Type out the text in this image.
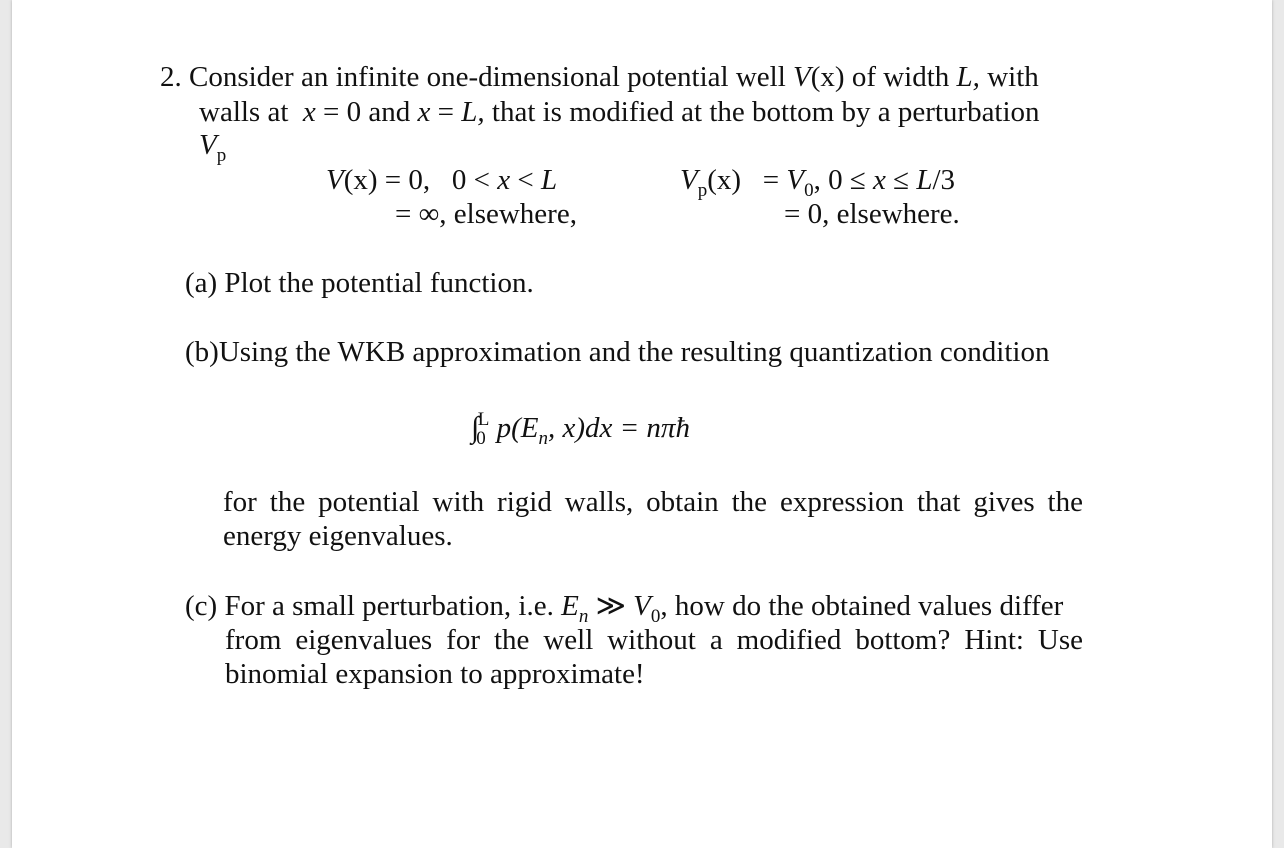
2. Consider an infinite one-dimensional potential well V(x) of width L, with
walls at x = 0 and x = L, that is modified at the bottom by a perturbation
$V_p$
V(x) = 0, 0 < x < L
= ∞, elsewhere,
$V_p(x) = V_0$, 0 ≤ x ≤ L/3
= 0, elsewhere.
(a) Plot the potential function.
(b)Using the WKB approximation and the resulting quantization condition
$\int_0^L$ $p(E_n$, x)dx = nπħ
for the potential with rigid walls, obtain the expression that gives the
energy eigenvalues.
(c) For a small perturbation, i.e. $E_n$ ≫ $V_0$, how do the obtained values differ
from eigenvalues for the well without a modified bottom? Hint: Use
binomial expansion to approximate!
